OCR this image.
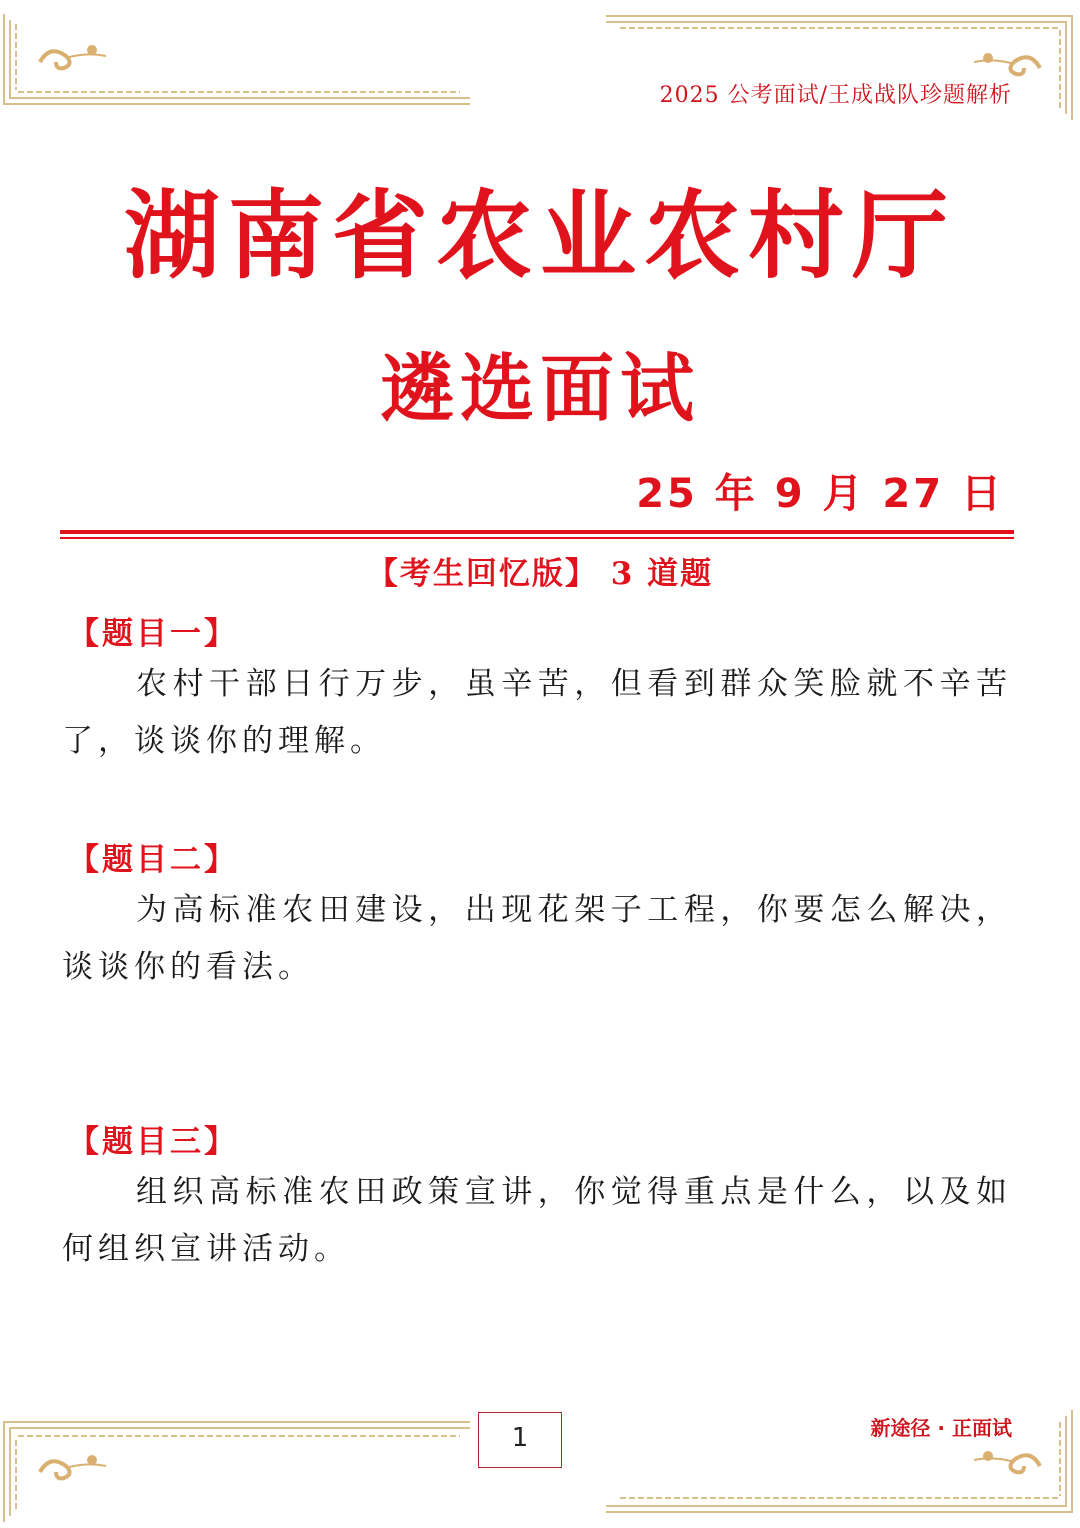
2025 公考面试/王成战队珍题解析
湖南省农业农村厅
遴选面试
25 年 9 月 27 日
【考生回忆版】 3 道题
【题目一】
农村干部日行万步，虽辛苦，但看到群众笑脸就不辛苦了，谈谈你的理解。
【题目二】
为高标准农田建设，出现花架子工程，你要怎么解决，谈谈你的看法。
【题目三】
组织高标准农田政策宣讲，你觉得重点是什么，以及如何组织宣讲活动。
1	新途径 · 正面试
